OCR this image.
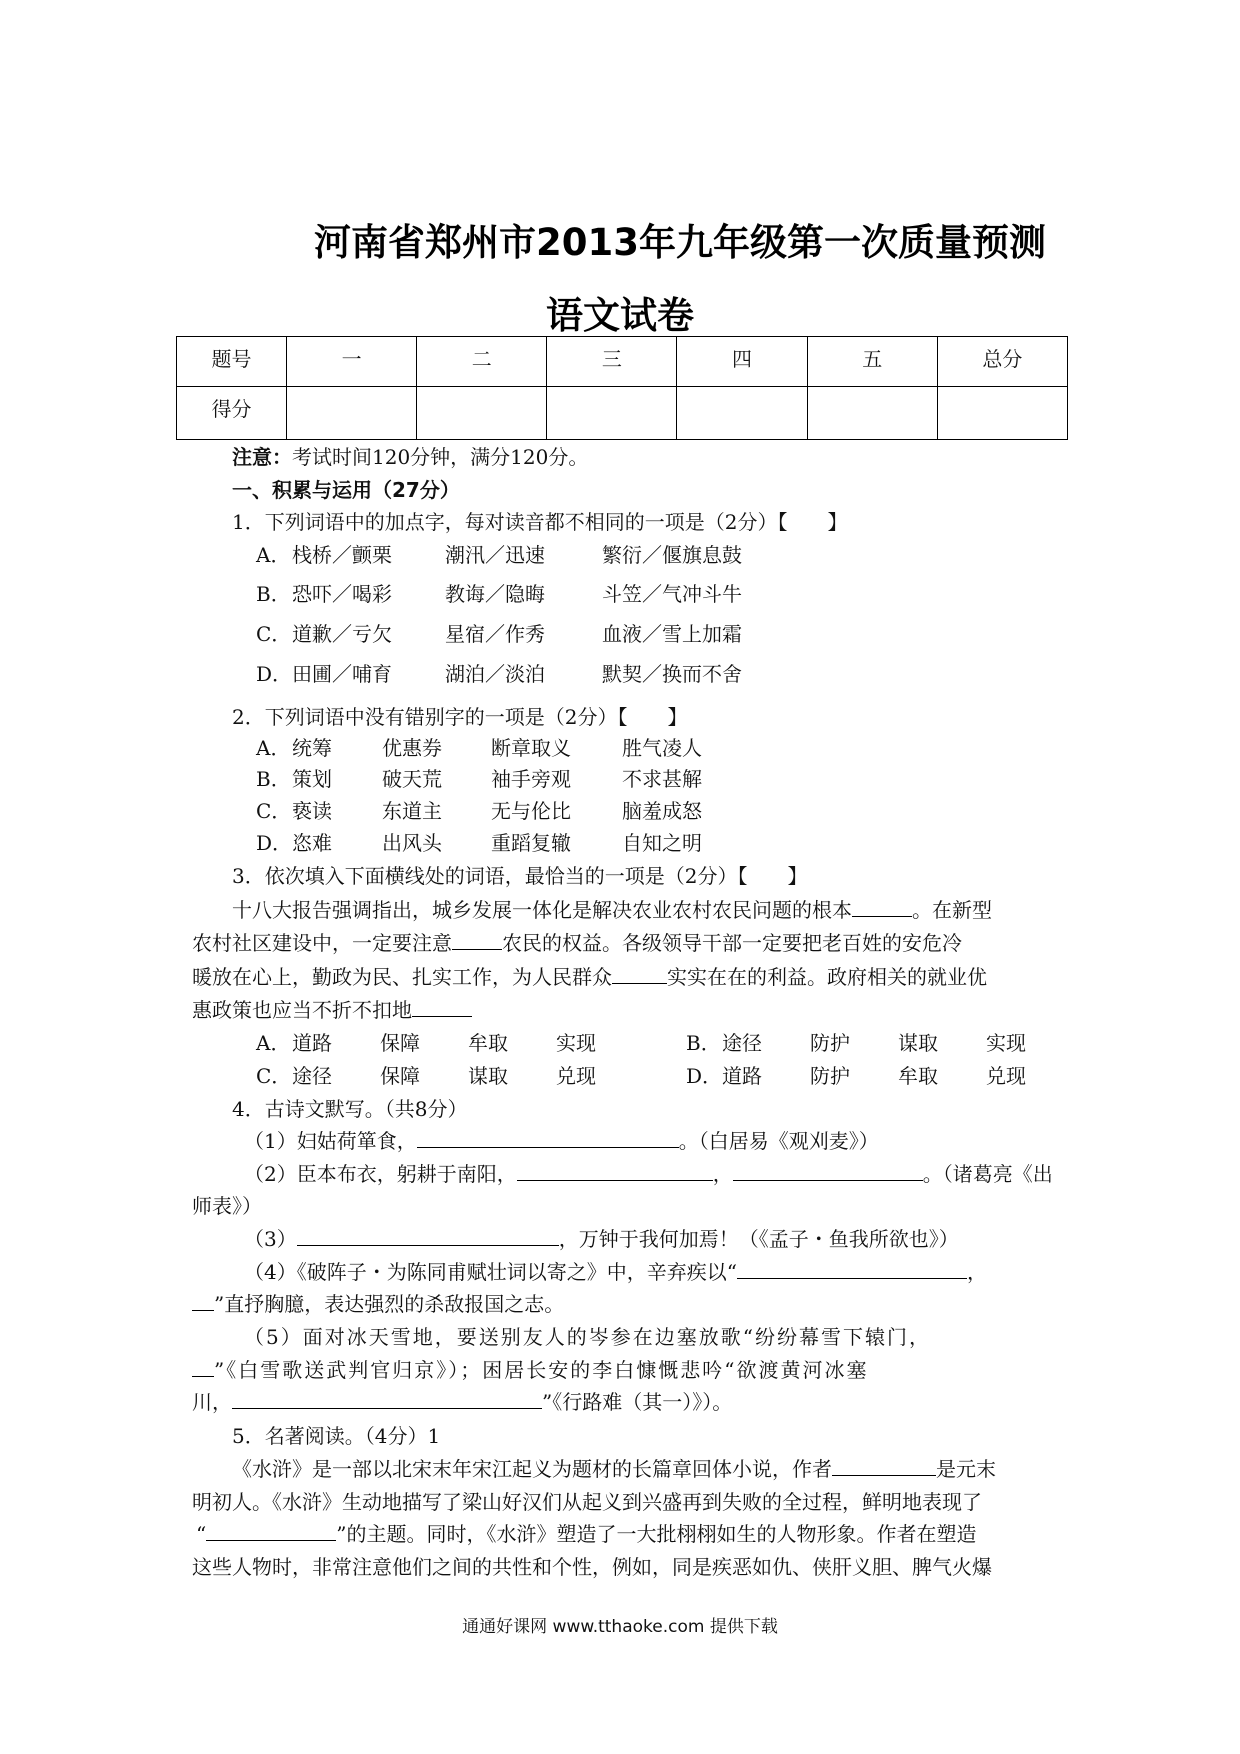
河南省郑州市2013年九年级第一次质量预测
语文试卷
题号	一	二	三	四	五	总分
得分						
注意：考试时间120分钟，满分120分。
一、积累与运用（27分）
1．下列词语中的加点字，每对读音都不相同的一项是（2分）【　　】
A． 栈桥／颤栗	潮汛／迅速	繁衍／偃旗息鼓
B． 恐吓／喝彩	教诲／隐晦	斗笠／气冲斗牛
C． 道歉／亏欠	星宿／作秀	血液／雪上加霜
D． 田圃／哺育	湖泊／淡泊	默契／换而不舍
2．下列词语中没有错别字的一项是（2分）【　　】
A． 统筹	优惠券 断章取义	胜气凌人
B． 策划	破天荒 袖手旁观	不求甚解
C． 亵读	东道主 无与伦比	脑羞成怒
D． 恣难	出风头 重蹈复辙	自知之明
3．依次填入下面横线处的词语，最恰当的一项是（2分）【　　】
十八大报告强调指出，城乡发展一体化是解决农业农村农民问题的根本	。在新型
农村社区建设中，一定要注意	农民的权益。各级领导干部一定要把老百姓的安危冷
暖放在心上，勤政为民、扎实工作，为人民群众	实实在在的利益。政府相关的就业优
惠政策也应当不折不扣地
A． 道路 保障 牟取 实现	B． 途径 防护 谋取 实现
C． 途径 保障 谋取 兑现	D． 道路 防护 牟取 兑现
4．古诗文默写。（共8分）
（1）妇姑荷箪食，	。（白居易《观刈麦》）
（2）臣本布衣，躬耕于南阳，	，	。（诸葛亮《出
师表》）
（3）	，万钟于我何加焉！（《孟子・鱼我所欲也》）
（4）《破阵子・为陈同甫赋壮词以寄之》中，辛弃疾以“	，
”直抒胸臆，表达强烈的杀敌报国之志。
（5）面对冰天雪地，要送别友人的岑参在边塞放歌“纷纷幕雪下辕门，
”《白雪歌送武判官归京》）；困居长安的李白慷慨悲吟“欲渡黄河冰塞
川，	”《行路难（其一）》）。
5．名著阅读。（4分）1
《水浒》是一部以北宋末年宋江起义为题材的长篇章回体小说，作者	是元末
明初人。《水浒》生动地描写了梁山好汉们从起义到兴盛再到失败的全过程，鲜明地表现了
“	”的主题。同时，《水浒》塑造了一大批栩栩如生的人物形象。作者在塑造
这些人物时，非常注意他们之间的共性和个性，例如，同是疾恶如仇、侠肝义胆、脾气火爆
通通好课网 www.tthaoke.com 提供下载
